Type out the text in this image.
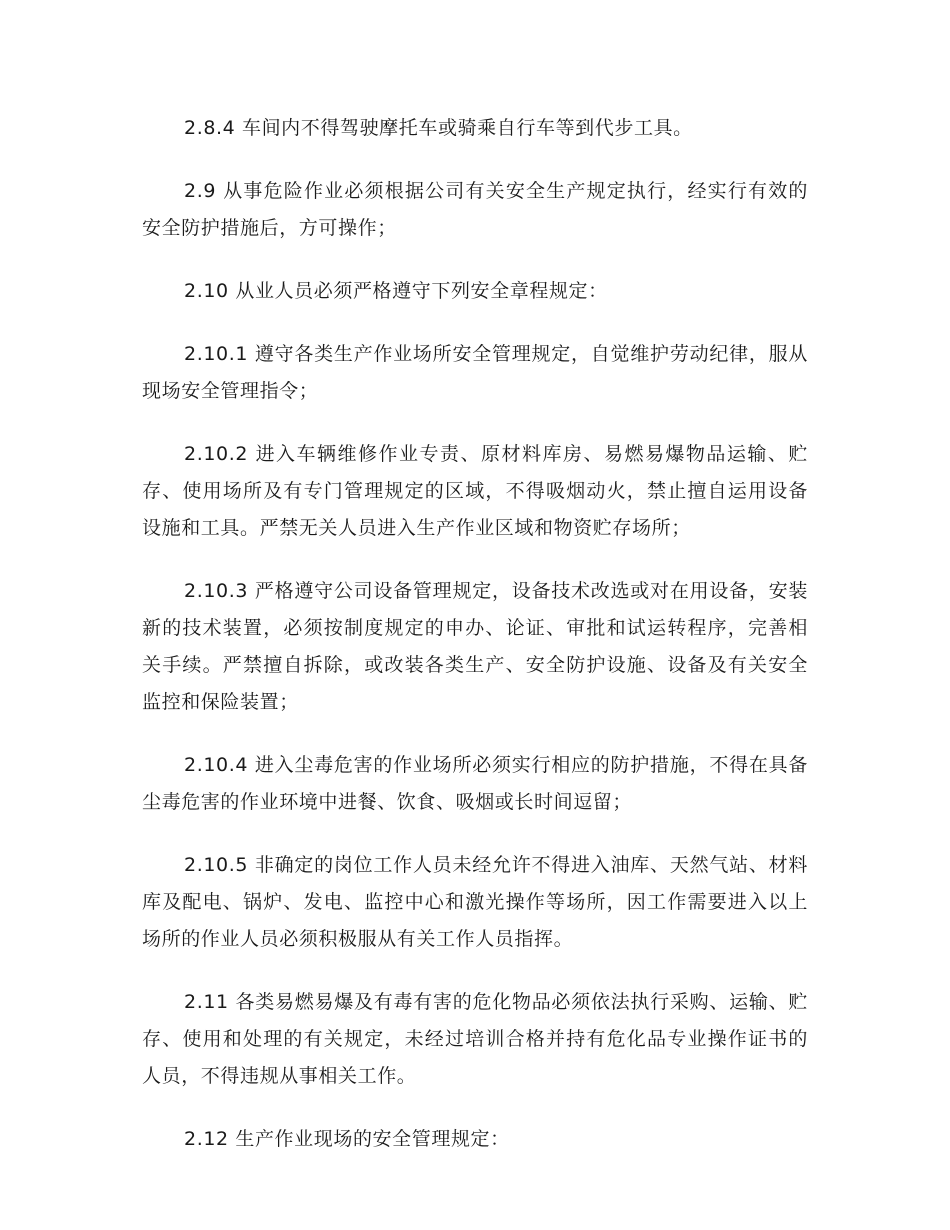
2.8.4 车间内不得驾驶摩托车或骑乘自行车等到代步工具。

2.9 从事危险作业必须根据公司有关安全生产规定执行，经实行有效的安全防护措施后，方可操作；

2.10 从业人员必须严格遵守下列安全章程规定：

2.10.1 遵守各类生产作业场所安全管理规定，自觉维护劳动纪律，服从现场安全管理指令；

2.10.2 进入车辆维修作业专责、原材料库房、易燃易爆物品运输、贮存、使用场所及有专门管理规定的区域，不得吸烟动火，禁止擅自运用设备设施和工具。严禁无关人员进入生产作业区域和物资贮存场所；

2.10.3 严格遵守公司设备管理规定，设备技术改选或对在用设备，安装新的技术装置，必须按制度规定的申办、论证、审批和试运转程序，完善相关手续。严禁擅自拆除，或改装各类生产、安全防护设施、设备及有关安全监控和保险装置；

2.10.4 进入尘毒危害的作业场所必须实行相应的防护措施，不得在具备尘毒危害的作业环境中进餐、饮食、吸烟或长时间逗留；

2.10.5 非确定的岗位工作人员未经允许不得进入油库、天然气站、材料库及配电、锅炉、发电、监控中心和激光操作等场所，因工作需要进入以上场所的作业人员必须积极服从有关工作人员指挥。

2.11 各类易燃易爆及有毒有害的危化物品必须依法执行采购、运输、贮存、使用和处理的有关规定，未经过培训合格并持有危化品专业操作证书的人员，不得违规从事相关工作。

2.12 生产作业现场的安全管理规定：
